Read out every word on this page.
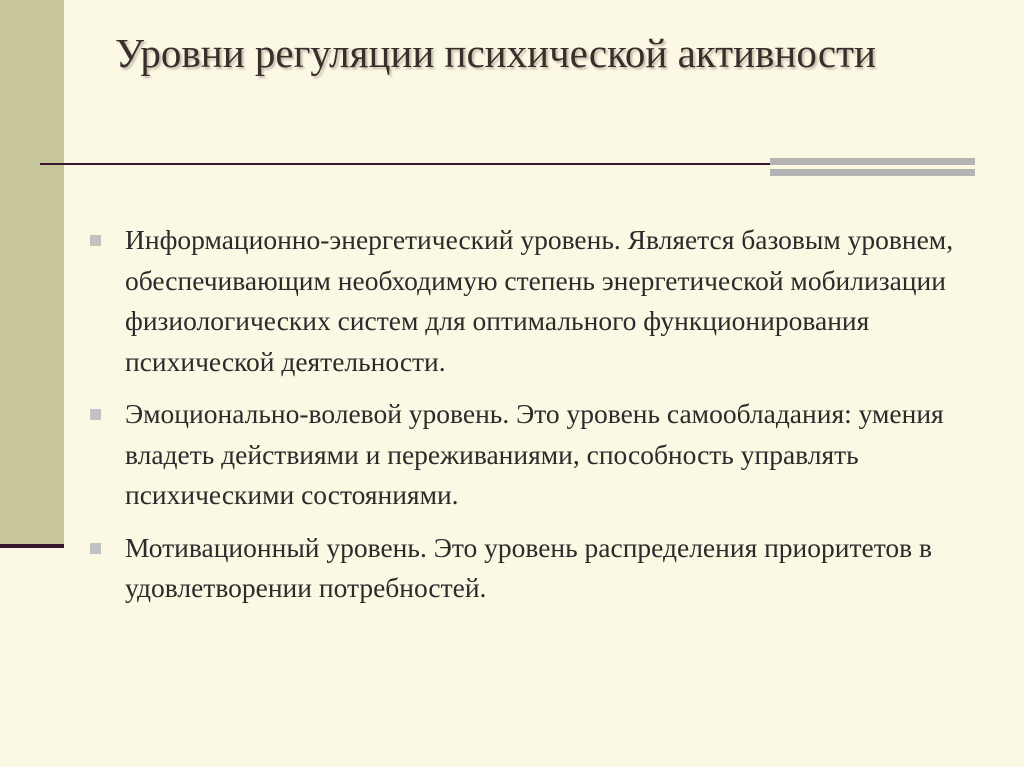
Уровни регуляции психической активности
Информационно-энергетический уровень. Является базовым уровнем, обеспечивающим необходимую степень энергетической мобилизации физиологических систем для оптимального функционирования психической деятельности.
Эмоционально-волевой уровень. Это уровень самообладания: умения владеть действиями и переживаниями, способность управлять психическими состояниями.
Мотивационный уровень. Это уровень распределения приоритетов в удовлетворении потребностей.
